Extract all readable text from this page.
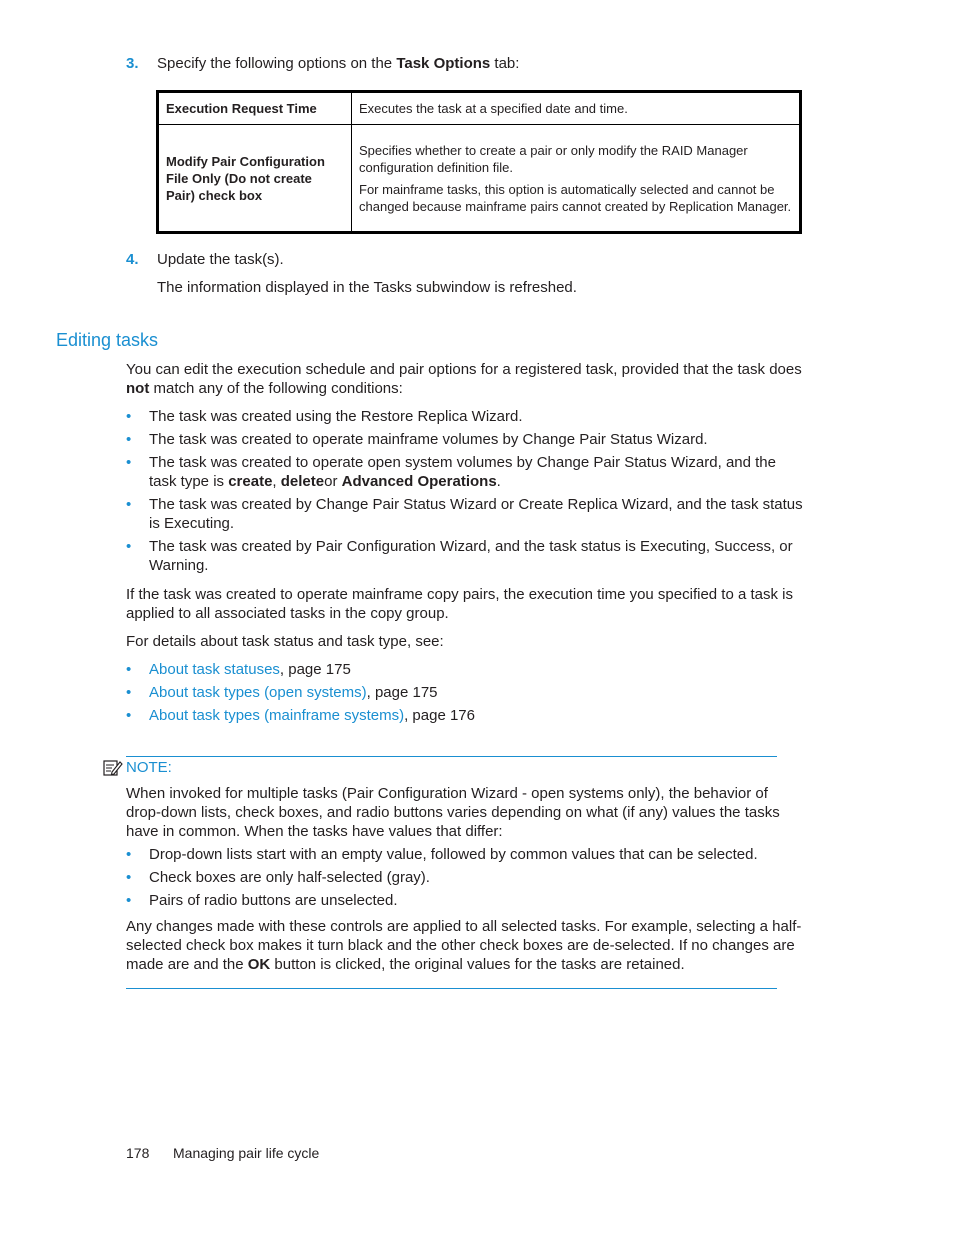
3. Specify the following options on the Task Options tab:
Execution Request Time	Executes the task at a specified date and time.

Modify Pair Configuration File Only (Do not create Pair) check box	Specifies whether to create a pair or only modify the RAID Manager configuration definition file.

For mainframe tasks, this option is automatically selected and cannot be changed because mainframe pairs cannot created by Replication Manager.

4. Update the task(s).
The information displayed in the Tasks subwindow is refreshed.
Editing tasks
You can edit the execution schedule and pair options for a registered task, provided that the task does not match any of the following conditions:
• The task was created using the Restore Replica Wizard.
• The task was created to operate mainframe volumes by Change Pair Status Wizard.
• The task was created to operate open system volumes by Change Pair Status Wizard, and the task type is create, deleteor Advanced Operations.
• The task was created by Change Pair Status Wizard or Create Replica Wizard, and the task status is Executing.
• The task was created by Pair Configuration Wizard, and the task status is Executing, Success, or Warning.
If the task was created to operate mainframe copy pairs, the execution time you specified to a task is applied to all associated tasks in the copy group.
For details about task status and task type, see:
• About task statuses, page 175
• About task types (open systems), page 175
• About task types (mainframe systems), page 176
NOTE:
When invoked for multiple tasks (Pair Configuration Wizard - open systems only), the behavior of drop-down lists, check boxes, and radio buttons varies depending on what (if any) values the tasks have in common. When the tasks have values that differ:
• Drop-down lists start with an empty value, followed by common values that can be selected.
• Check boxes are only half-selected (gray).
• Pairs of radio buttons are unselected.
Any changes made with these controls are applied to all selected tasks. For example, selecting a half-selected check box makes it turn black and the other check boxes are de-selected. If no changes are made are and the OK button is clicked, the original values for the tasks are retained.
178 Managing pair life cycle
